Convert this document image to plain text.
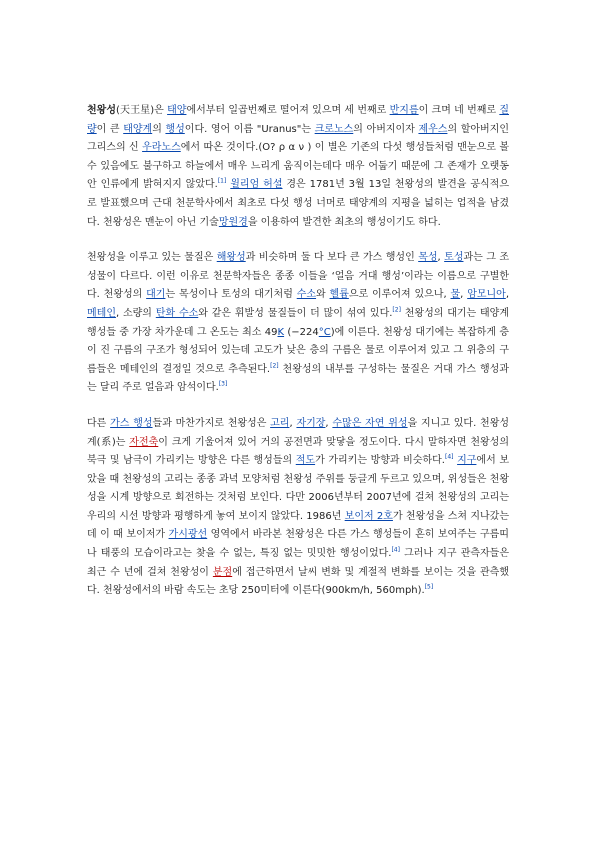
천왕성(天王星)은 태양에서부터 일곱번째로 떨어져 있으며 세 번째로 반지름이 크며 네 번째로 질량이 큰 태양계의 행성이다. 영어 이름 "Uranus"는 크로노스의 아버지이자 제우스의 할아버지인 그리스의 신 우라노스에서 따온 것이다.(Ο? ρ α ν ) 이 별은 기존의 다섯 행성들처럼 맨눈으로 볼 수 있음에도 불구하고 하늘에서 매우 느리게 움직이는데다 매우 어둡기 때문에 그 존재가 오랫동안 인류에게 밝혀지지 않았다.[1] 윌리엄 허셜 경은 1781년 3월 13일 천왕성의 발견을 공식적으로 발표했으며 근대 천문학사에서 최초로 다섯 행성 너머로 태양계의 지평을 넓히는 업적을 남겼다. 천왕성은 맨눈이 아닌 기술망원경을 이용하여 발견한 최초의 행성이기도 하다.

천왕성을 이루고 있는 물질은 해왕성과 비슷하며 둘 다 보다 큰 가스 행성인 목성, 토성과는 그 조성물이 다르다. 이런 이유로 천문학자들은 종종 이들을 ‘얼음 거대 행성’이라는 이름으로 구별한다. 천왕성의 대기는 목성이나 토성의 대기처럼 수소와 헬륨으로 이루어져 있으나, 물, 암모니아, 메테인, 소량의 탄화 수소와 같은 휘발성 물질들이 더 많이 섞여 있다.[2] 천왕성의 대기는 태양계 행성들 중 가장 차가운데 그 온도는 최소 49K (−224°C)에 이른다. 천왕성 대기에는 복잡하게 층이 진 구름의 구조가 형성되어 있는데 고도가 낮은 층의 구름은 물로 이루어져 있고 그 위층의 구름들은 메테인의 결정일 것으로 추측된다.[2] 천왕성의 내부를 구성하는 물질은 거대 가스 행성과는 달리 주로 얼음과 암석이다.[3]

다른 가스 행성들과 마찬가지로 천왕성은 고리, 자기장, 수많은 자연 위성을 지니고 있다. 천왕성계(系)는 자전축이 크게 기울어져 있어 거의 공전면과 맞닿을 정도이다. 다시 말하자면 천왕성의 북극 및 남극이 가리키는 방향은 다른 행성들의 적도가 가리키는 방향과 비슷하다.[4] 지구에서 보았을 때 천왕성의 고리는 종종 과녁 모양처럼 천왕성 주위를 둥글게 두르고 있으며, 위성들은 천왕성을 시계 방향으로 회전하는 것처럼 보인다. 다만 2006년부터 2007년에 걸쳐 천왕성의 고리는 우리의 시선 방향과 평행하게 놓여 보이지 않았다. 1986년 보이저 2호가 천왕성을 스쳐 지나갔는데 이 때 보이저가 가시광선 영역에서 바라본 천왕성은 다른 가스 행성들이 흔히 보여주는 구름띠나 태풍의 모습이라고는 찾을 수 없는, 특징 없는 밋밋한 행성이었다.[4] 그러나 지구 관측자들은 최근 수 년에 걸쳐 천왕성이 분점에 접근하면서 날씨 변화 및 계절적 변화를 보이는 것을 관측했다. 천왕성에서의 바람 속도는 초당 250미터에 이른다(900km/h, 560mph).[5]
